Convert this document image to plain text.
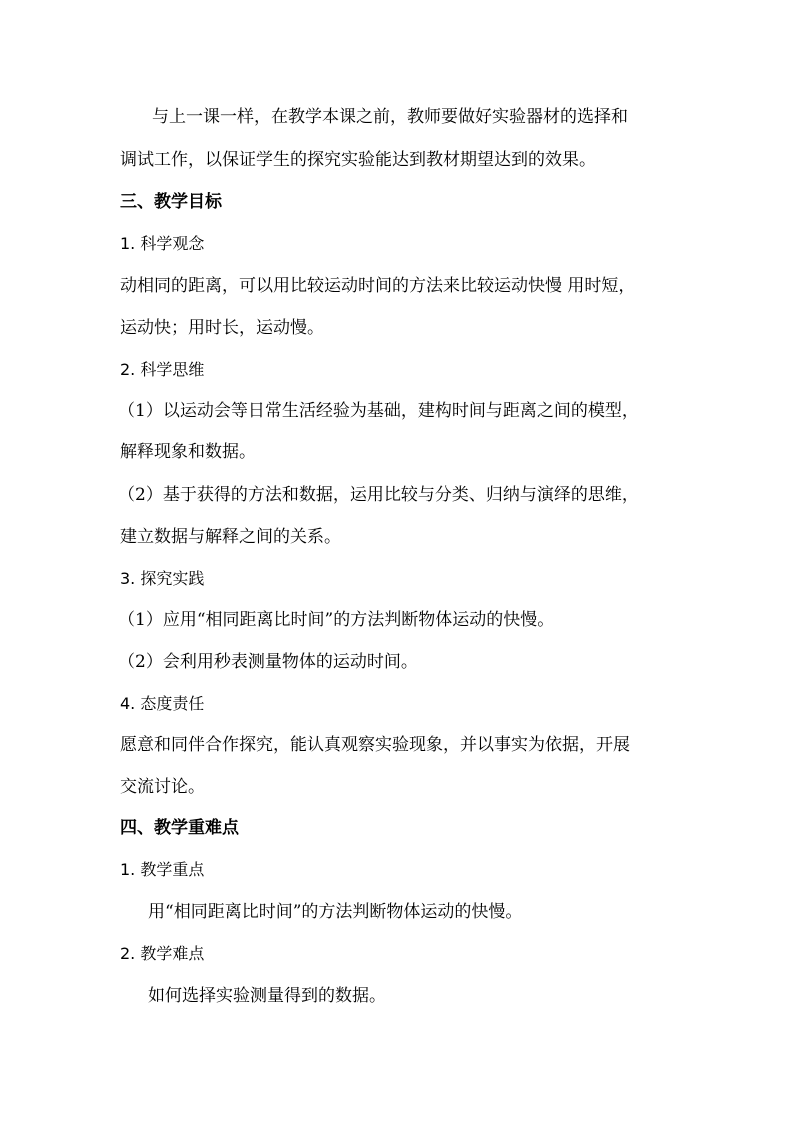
与上一课一样，在教学本课之前，教师要做好实验器材的选择和
调试工作，以保证学生的探究实验能达到教材期望达到的效果。
三、教学目标
1. 科学观念
动相同的距离，可以用比较运动时间的方法来比较运动快慢 用时短，
运动快；用时长，运动慢。
2. 科学思维
（1）以运动会等日常生活经验为基础，建构时间与距离之间的模型，
解释现象和数据。
（2）基于获得的方法和数据，运用比较与分类、归纳与演绎的思维，
建立数据与解释之间的关系。
3. 探究实践
（1）应用“相同距离比时间”的方法判断物体运动的快慢。
（2）会利用秒表测量物体的运动时间。
4. 态度责任
愿意和同伴合作探究，能认真观察实验现象，并以事实为依据，开展
交流讨论。
四、教学重难点
1. 教学重点
用“相同距离比时间”的方法判断物体运动的快慢。
2. 教学难点
如何选择实验测量得到的数据。
